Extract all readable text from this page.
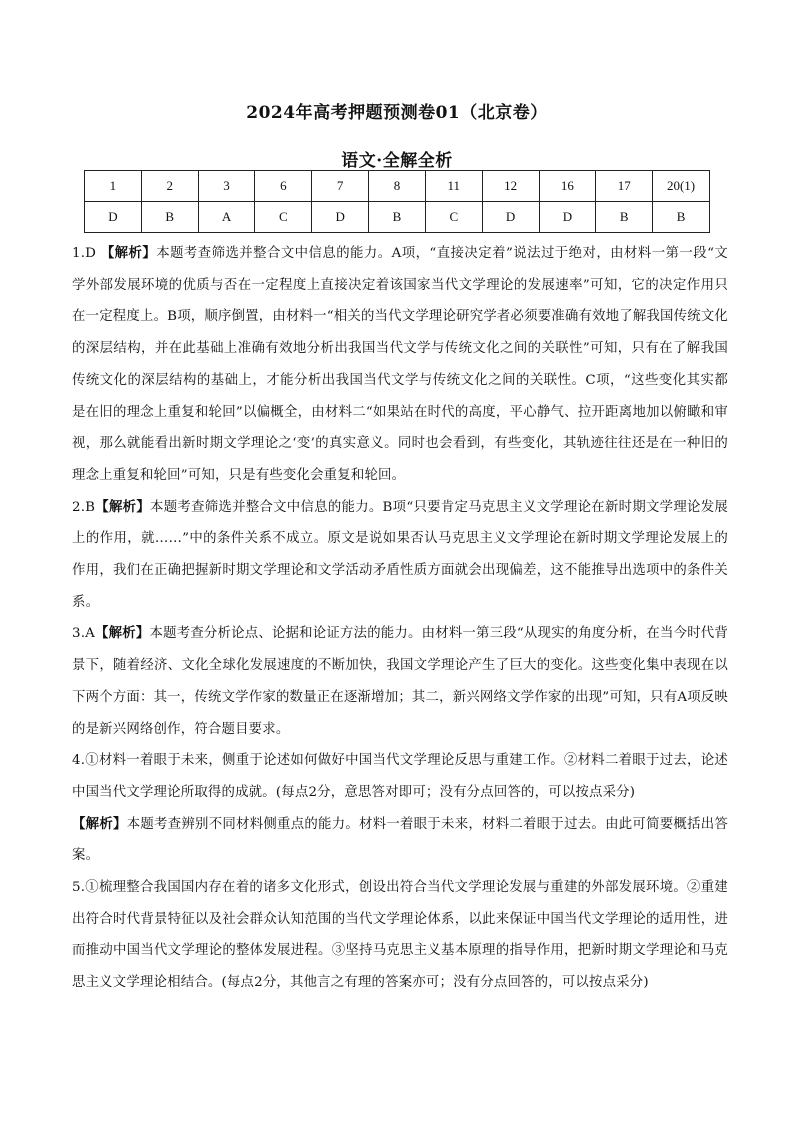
2024年高考押题预测卷01（北京卷）
语文·全解全析
1	2	3	6	7	8	11	12	16	17	20(1)
D	B	A	C	D	B	C	D	D	B	B

1.D 【解析】本题考查筛选并整合文中信息的能力。A项，“直接决定着”说法过于绝对，由材料一第一段“文学外部发展环境的优质与否在一定程度上直接决定着该国家当代文学理论的发展速率”可知，它的决定作用只在一定程度上。B项，顺序倒置，由材料一“相关的当代文学理论研究学者必须要准确有效地了解我国传统文化的深层结构，并在此基础上准确有效地分析出我国当代文学与传统文化之间的关联性”可知，只有在了解我国传统文化的深层结构的基础上，才能分析出我国当代文学与传统文化之间的关联性。C项，“这些变化其实都是在旧的理念上重复和轮回”以偏概全，由材料二“如果站在时代的高度，平心静气、拉开距离地加以俯瞰和审视，那么就能看出新时期文学理论之‘变’的真实意义。同时也会看到，有些变化，其轨迹往往还是在一种旧的理念上重复和轮回”可知，只是有些变化会重复和轮回。

2.B【解析】本题考查筛选并整合文中信息的能力。B项“只要肯定马克思主义文学理论在新时期文学理论发展上的作用，就……”中的条件关系不成立。原文是说如果否认马克思主义文学理论在新时期文学理论发展上的作用，我们在正确把握新时期文学理论和文学活动矛盾性质方面就会出现偏差，这不能推导出选项中的条件关系。

3.A【解析】本题考查分析论点、论据和论证方法的能力。由材料一第三段“从现实的角度分析，在当今时代背景下，随着经济、文化全球化发展速度的不断加快，我国文学理论产生了巨大的变化。这些变化集中表现在以下两个方面：其一，传统文学作家的数量正在逐渐增加；其二，新兴网络文学作家的出现”可知，只有A项反映的是新兴网络创作，符合题目要求。

4.①材料一着眼于未来，侧重于论述如何做好中国当代文学理论反思与重建工作。②材料二着眼于过去，论述中国当代文学理论所取得的成就。(每点2分，意思答对即可；没有分点回答的，可以按点采分)

【解析】本题考查辨别不同材料侧重点的能力。材料一着眼于未来，材料二着眼于过去。由此可简要概括出答案。

5.①梳理整合我国国内存在着的诸多文化形式，创设出符合当代文学理论发展与重建的外部发展环境。②重建出符合时代背景特征以及社会群众认知范围的当代文学理论体系，以此来保证中国当代文学理论的适用性，进而推动中国当代文学理论的整体发展进程。③坚持马克思主义基本原理的指导作用，把新时期文学理论和马克思主义文学理论相结合。(每点2分，其他言之有理的答案亦可；没有分点回答的，可以按点采分)
